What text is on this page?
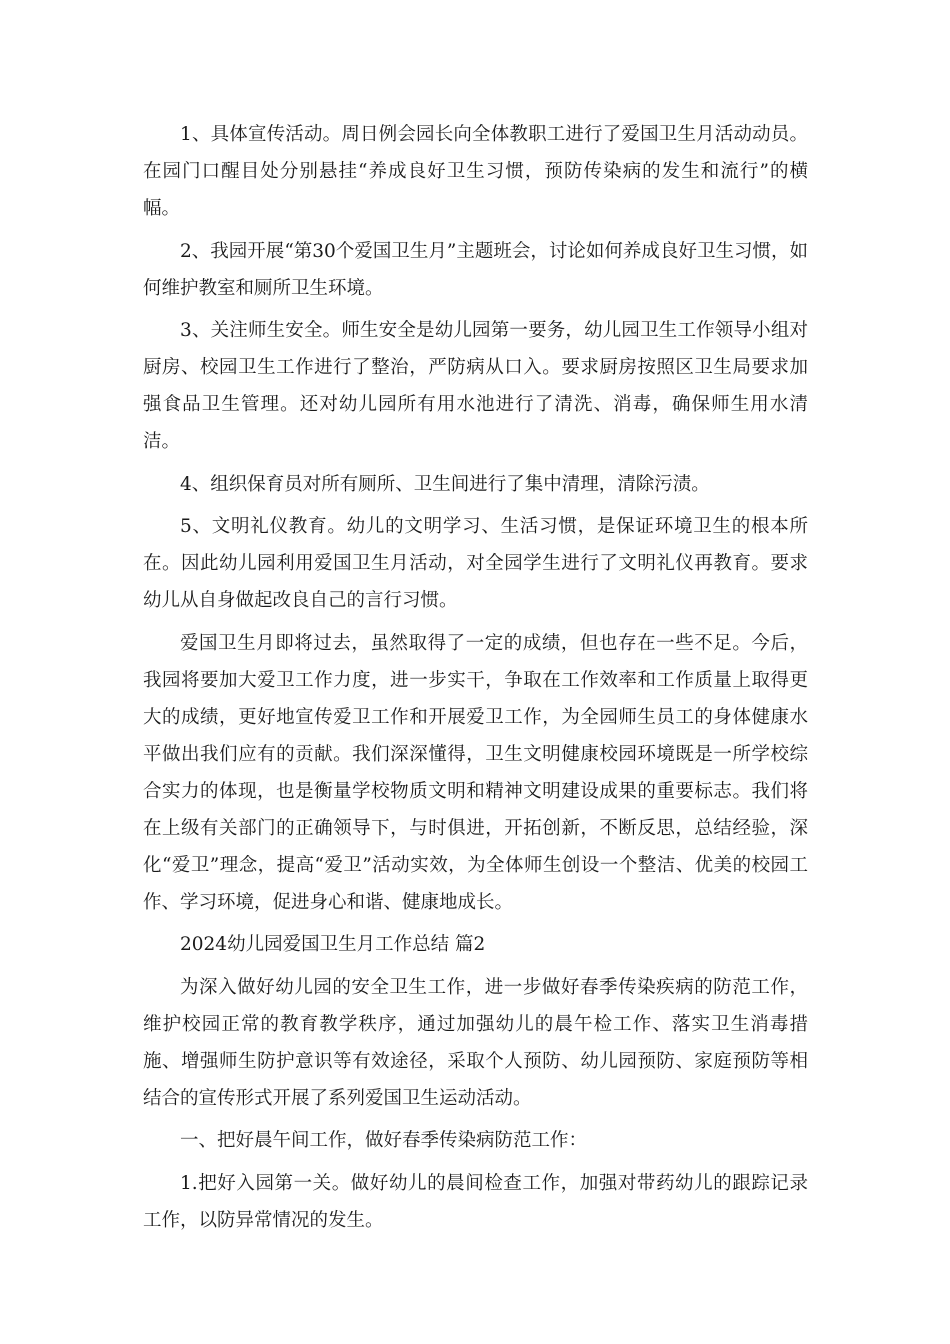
1、具体宣传活动。周日例会园长向全体教职工进行了爱国卫生月活动动员。在园门口醒目处分别悬挂“养成良好卫生习惯，预防传染病的发生和流行”的横幅。

2、我园开展“第30个爱国卫生月”主题班会，讨论如何养成良好卫生习惯，如何维护教室和厕所卫生环境。

3、关注师生安全。师生安全是幼儿园第一要务，幼儿园卫生工作领导小组对厨房、校园卫生工作进行了整治，严防病从口入。要求厨房按照区卫生局要求加强食品卫生管理。还对幼儿园所有用水池进行了清洗、消毒，确保师生用水清洁。

4、组织保育员对所有厕所、卫生间进行了集中清理，清除污渍。

5、文明礼仪教育。幼儿的文明学习、生活习惯，是保证环境卫生的根本所在。因此幼儿园利用爱国卫生月活动，对全园学生进行了文明礼仪再教育。要求幼儿从自身做起改良自己的言行习惯。

爱国卫生月即将过去，虽然取得了一定的成绩，但也存在一些不足。今后，我园将要加大爱卫工作力度，进一步实干，争取在工作效率和工作质量上取得更大的成绩，更好地宣传爱卫工作和开展爱卫工作，为全园师生员工的身体健康水平做出我们应有的贡献。我们深深懂得，卫生文明健康校园环境既是一所学校综合实力的体现，也是衡量学校物质文明和精神文明建设成果的重要标志。我们将在上级有关部门的正确领导下，与时俱进，开拓创新，不断反思，总结经验，深化“爱卫”理念，提高“爱卫”活动实效，为全体师生创设一个整洁、优美的校园工作、学习环境，促进身心和谐、健康地成长。

2024幼儿园爱国卫生月工作总结 篇2

为深入做好幼儿园的安全卫生工作，进一步做好春季传染疾病的防范工作，维护校园正常的教育教学秩序，通过加强幼儿的晨午检工作、落实卫生消毒措施、增强师生防护意识等有效途径，采取个人预防、幼儿园预防、家庭预防等相结合的宣传形式开展了系列爱国卫生运动活动。

一、把好晨午间工作，做好春季传染病防范工作：

1.把好入园第一关。做好幼儿的晨间检查工作，加强对带药幼儿的跟踪记录工作，以防异常情况的发生。
